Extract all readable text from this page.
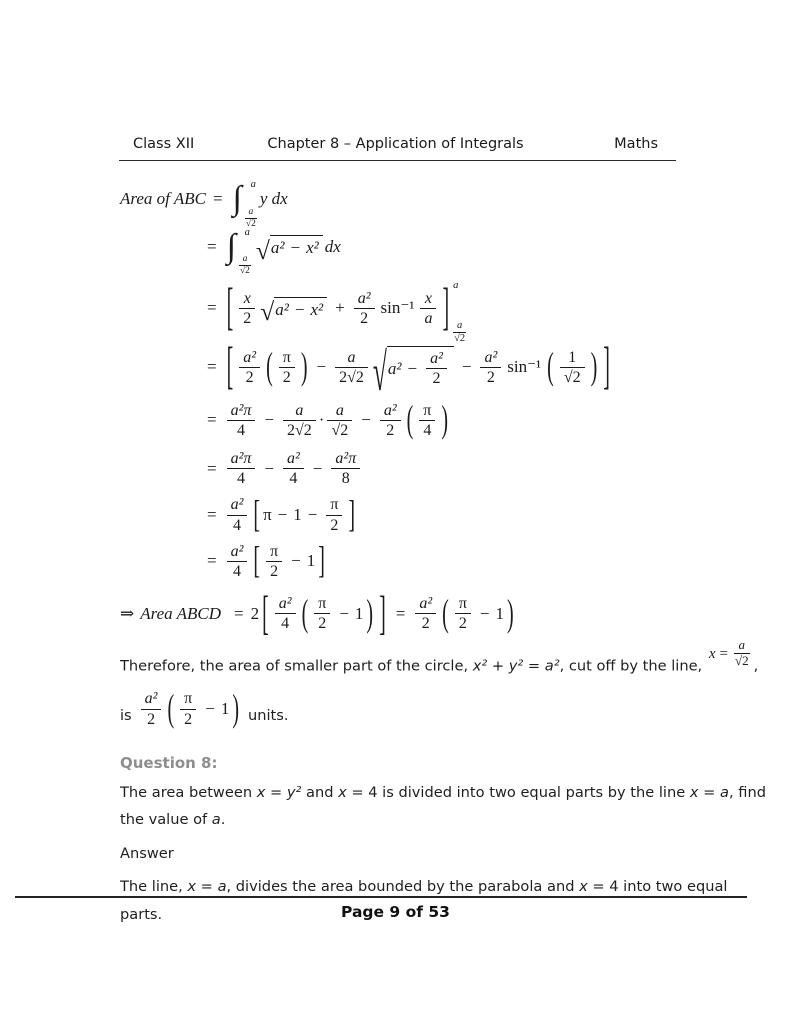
Class XII	Chapter 8 – Application of Integrals	Maths
Area of ABC = ∫ a
$\frac{a}{√2}$
y dx
= ∫ a
$\frac{a}{√2}$
√ a² − x² dx
= [ x
2 √ $a^2 - x^2 + \frac{\text{a²}}{2} \sin^{-1}$
x
a ] a
$\frac{a}{√2}$
= [ a²
2 ( π
2 ) − $\frac{a}{2√2}$ √ $a^2 - \frac{\text{a²}}{2} - \frac{\text{a²}}{2} \sin^{-1}$ ( 1
√2 ) ]
= $\frac{\text{a²π}}{4} - \frac{a}{2√2}$ ·
a
√2
− $\frac{\text{a²}}{2}$ ( π
4 )
= $\frac{\text{a²π}}{4} - \frac{\text{a²}}{4} - \frac{\text{a²π}}{8}$
= $\frac{\text{a²}}{4}$ [ $\pi - 1 - \frac{\pi}{2}$ ]
= $\frac{\text{a²}}{4}$ [ π
2
− 1 ]
⇒ Area ABCD = 2 [ a²
4 ( π
2
− 1 ) ] = $\frac{\text{a²}}{2}$ ( π
2
− 1 )
Therefore, the area of smaller part of the circle, x² + y² = a², cut off by the line,
$x = \frac{a}{√2}$ ,
is
a²
2 ( π
2
− 1 ) units.
Question 8:
The area between x = y² and x = 4 is divided into two equal parts by the line x = a, find
the value of a.
Answer
The line, x = a, divides the area bounded by the parabola and x = 4 into two equal
parts.	Page 9 of 53
